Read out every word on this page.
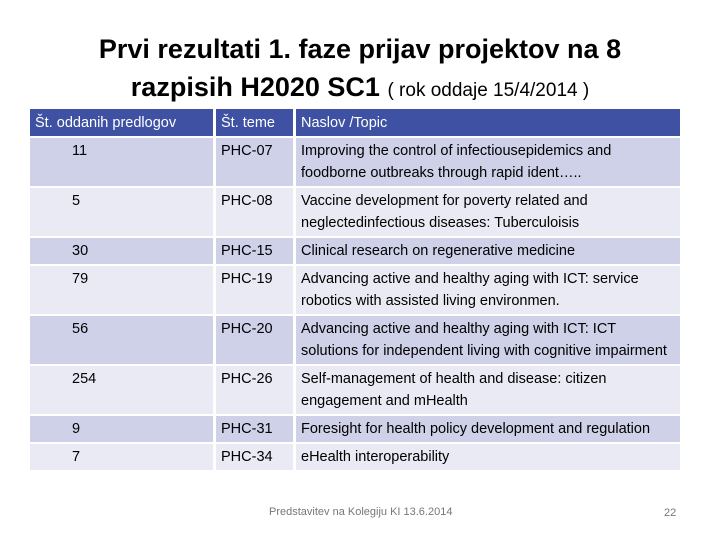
Prvi rezultati 1. faze prijav projektov na 8
razpisih H2020 SC1 ( rok oddaje 15/4/2014 )
Št. oddanih predlogov	Št. teme	Naslov /Topic
11	PHC-07	Improving the control of infectiousepidemics and foodborne outbreaks through rapid ident…..
5	PHC-08	Vaccine development for poverty related and neglectedinfectious diseases: Tuberculoisis
30	PHC-15	Clinical research on regenerative medicine
79	PHC-19	Advancing active and healthy aging with ICT: service robotics with assisted living environmen.
56	PHC-20	Advancing active and healthy aging with ICT: ICT solutions for independent living with cognitive impairment
254	PHC-26	Self-management of health and disease: citizen engagement and mHealth
9	PHC-31	Foresight for health policy development and regulation
7	PHC-34	eHealth interoperability
Predstavitev na Kolegiju KI 13.6.2014	22
